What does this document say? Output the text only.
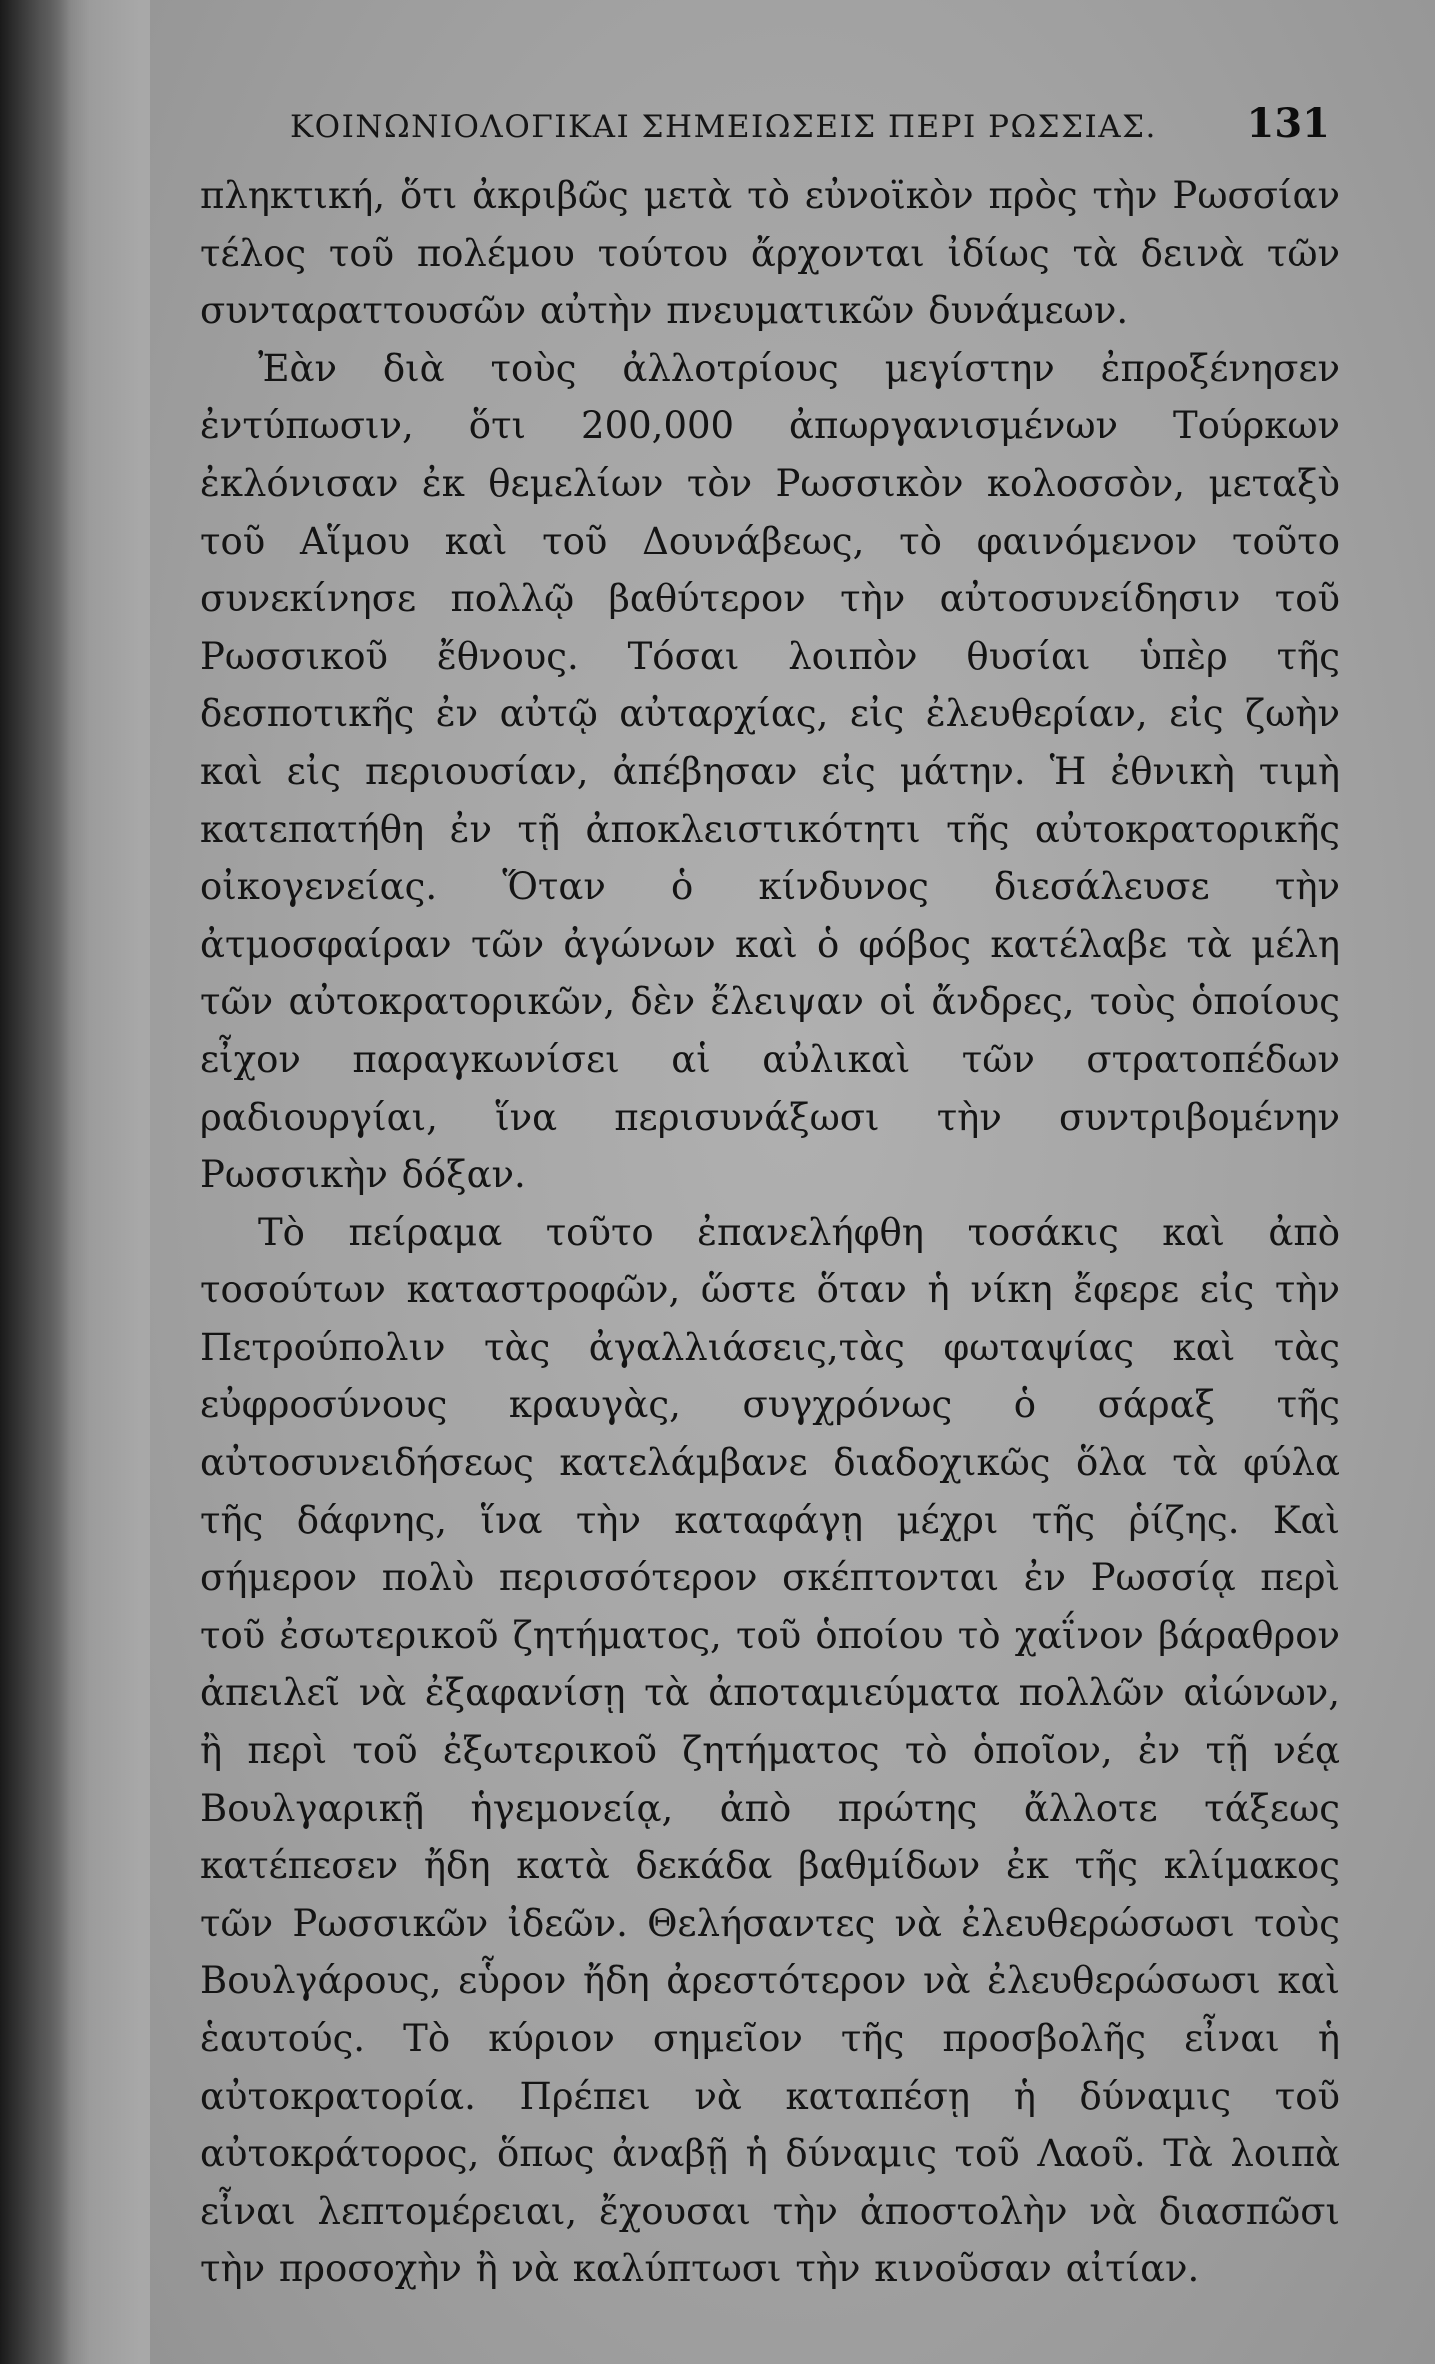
ΚΟΙΝΩΝΙΟΛΟΓΙΚΑΙ ΣΗΜΕΙΩΣΕΙΣ ΠΕΡΙ ΡΩΣΣΙΑΣ. 131

πληκτική, ὅτι ἀκριβῶς μετὰ τὸ εὐνοϊκὸν πρὸς τὴν Ρωσσίαν τέλος τοῦ πολέμου τούτου ἄρχονται ἰδίως τὰ δεινὰ τῶν συνταραττουσῶν αὐτὴν πνευματικῶν δυνάμεων.

Ἐὰν διὰ τοὺς ἀλλοτρίους μεγίστην ἐπροξένησεν ἐντύπωσιν, ὅτι 200,000 ἀπωργανισμένων Τούρκων ἐκλόνισαν ἐκ θεμελίων τὸν Ρωσσικὸν κολοσσὸν, μεταξὺ τοῦ Αἵμου καὶ τοῦ Δουνάβεως, τὸ φαινόμενον τοῦτο συνεκίνησε πολλῷ βαθύτερον τὴν αὐτοσυνείδησιν τοῦ Ρωσσικοῦ ἔθνους. Τόσαι λοιπὸν θυσίαι ὑπὲρ τῆς δεσποτικῆς ἐν αὐτῷ αὐταρχίας, εἰς ἐλευθερίαν, εἰς ζωὴν καὶ εἰς περιουσίαν, ἀπέβησαν εἰς μάτην. Ἡ ἐθνικὴ τιμὴ κατεπατήθη ἐν τῇ ἀποκλειστικότητι τῆς αὐτοκρατορικῆς οἰκογενείας. Ὅταν ὁ κίνδυνος διεσάλευσε τὴν ἀτμοσφαίραν τῶν ἀγώνων καὶ ὁ φόβος κατέλαβε τὰ μέλη τῶν αὐτοκρατορικῶν, δὲν ἔλειψαν οἱ ἄνδρες, τοὺς ὁποίους εἶχον παραγκωνίσει αἱ αὐλικαὶ τῶν στρατοπέδων ραδιουργίαι, ἵνα περισυνάξωσι τὴν συντριβομένην Ρωσσικὴν δόξαν.

Τὸ πείραμα τοῦτο ἐπανελήφθη τοσάκις καὶ ἀπὸ τοσούτων καταστροφῶν, ὥστε ὅταν ἡ νίκη ἔφερε εἰς τὴν Πετρούπολιν τὰς ἀγαλλιάσεις,τὰς φωταψίας καὶ τὰς εὐφροσύνους κραυγὰς, συγχρόνως ὁ σάραξ τῆς αὐτοσυνειδήσεως κατελάμβανε διαδοχικῶς ὅλα τὰ φύλα τῆς δάφνης, ἵνα τὴν καταφάγῃ μέχρι τῆς ῥίζης. Καὶ σήμερον πολὺ περισσότερον σκέπτονται ἐν Ρωσσίᾳ περὶ τοῦ ἐσωτερικοῦ ζητήματος, τοῦ ὁποίου τὸ χαΐνον βάραθρον ἀπειλεῖ νὰ ἐξαφανίσῃ τὰ ἀποταμιεύματα πολλῶν αἰώνων, ἢ περὶ τοῦ ἐξωτερικοῦ ζητήματος τὸ ὁποῖον, ἐν τῇ νέᾳ Βουλγαρικῇ ἡγεμονείᾳ, ἀπὸ πρώτης ἄλλοτε τάξεως κατέπεσεν ἤδη κατὰ δεκάδα βαθμίδων ἐκ τῆς κλίμακος τῶν Ρωσσικῶν ἰδεῶν. Θελήσαντες νὰ ἐλευθερώσωσι τοὺς Βουλγάρους, εὗρον ἤδη ἀρεστότερον νὰ ἐλευθερώσωσι καὶ ἑαυτούς. Τὸ κύριον σημεῖον τῆς προσβολῆς εἶναι ἡ αὐτοκρατορία. Πρέπει νὰ καταπέσῃ ἡ δύναμις τοῦ αὐτοκράτορος, ὅπως ἀναβῇ ἡ δύναμις τοῦ Λαοῦ. Τὰ λοιπὰ εἶναι λεπτομέρειαι, ἔχουσαι τὴν ἀποστολὴν νὰ διασπῶσι τὴν προσοχὴν ἢ νὰ καλύπτωσι τὴν κινοῦσαν αἰτίαν.
